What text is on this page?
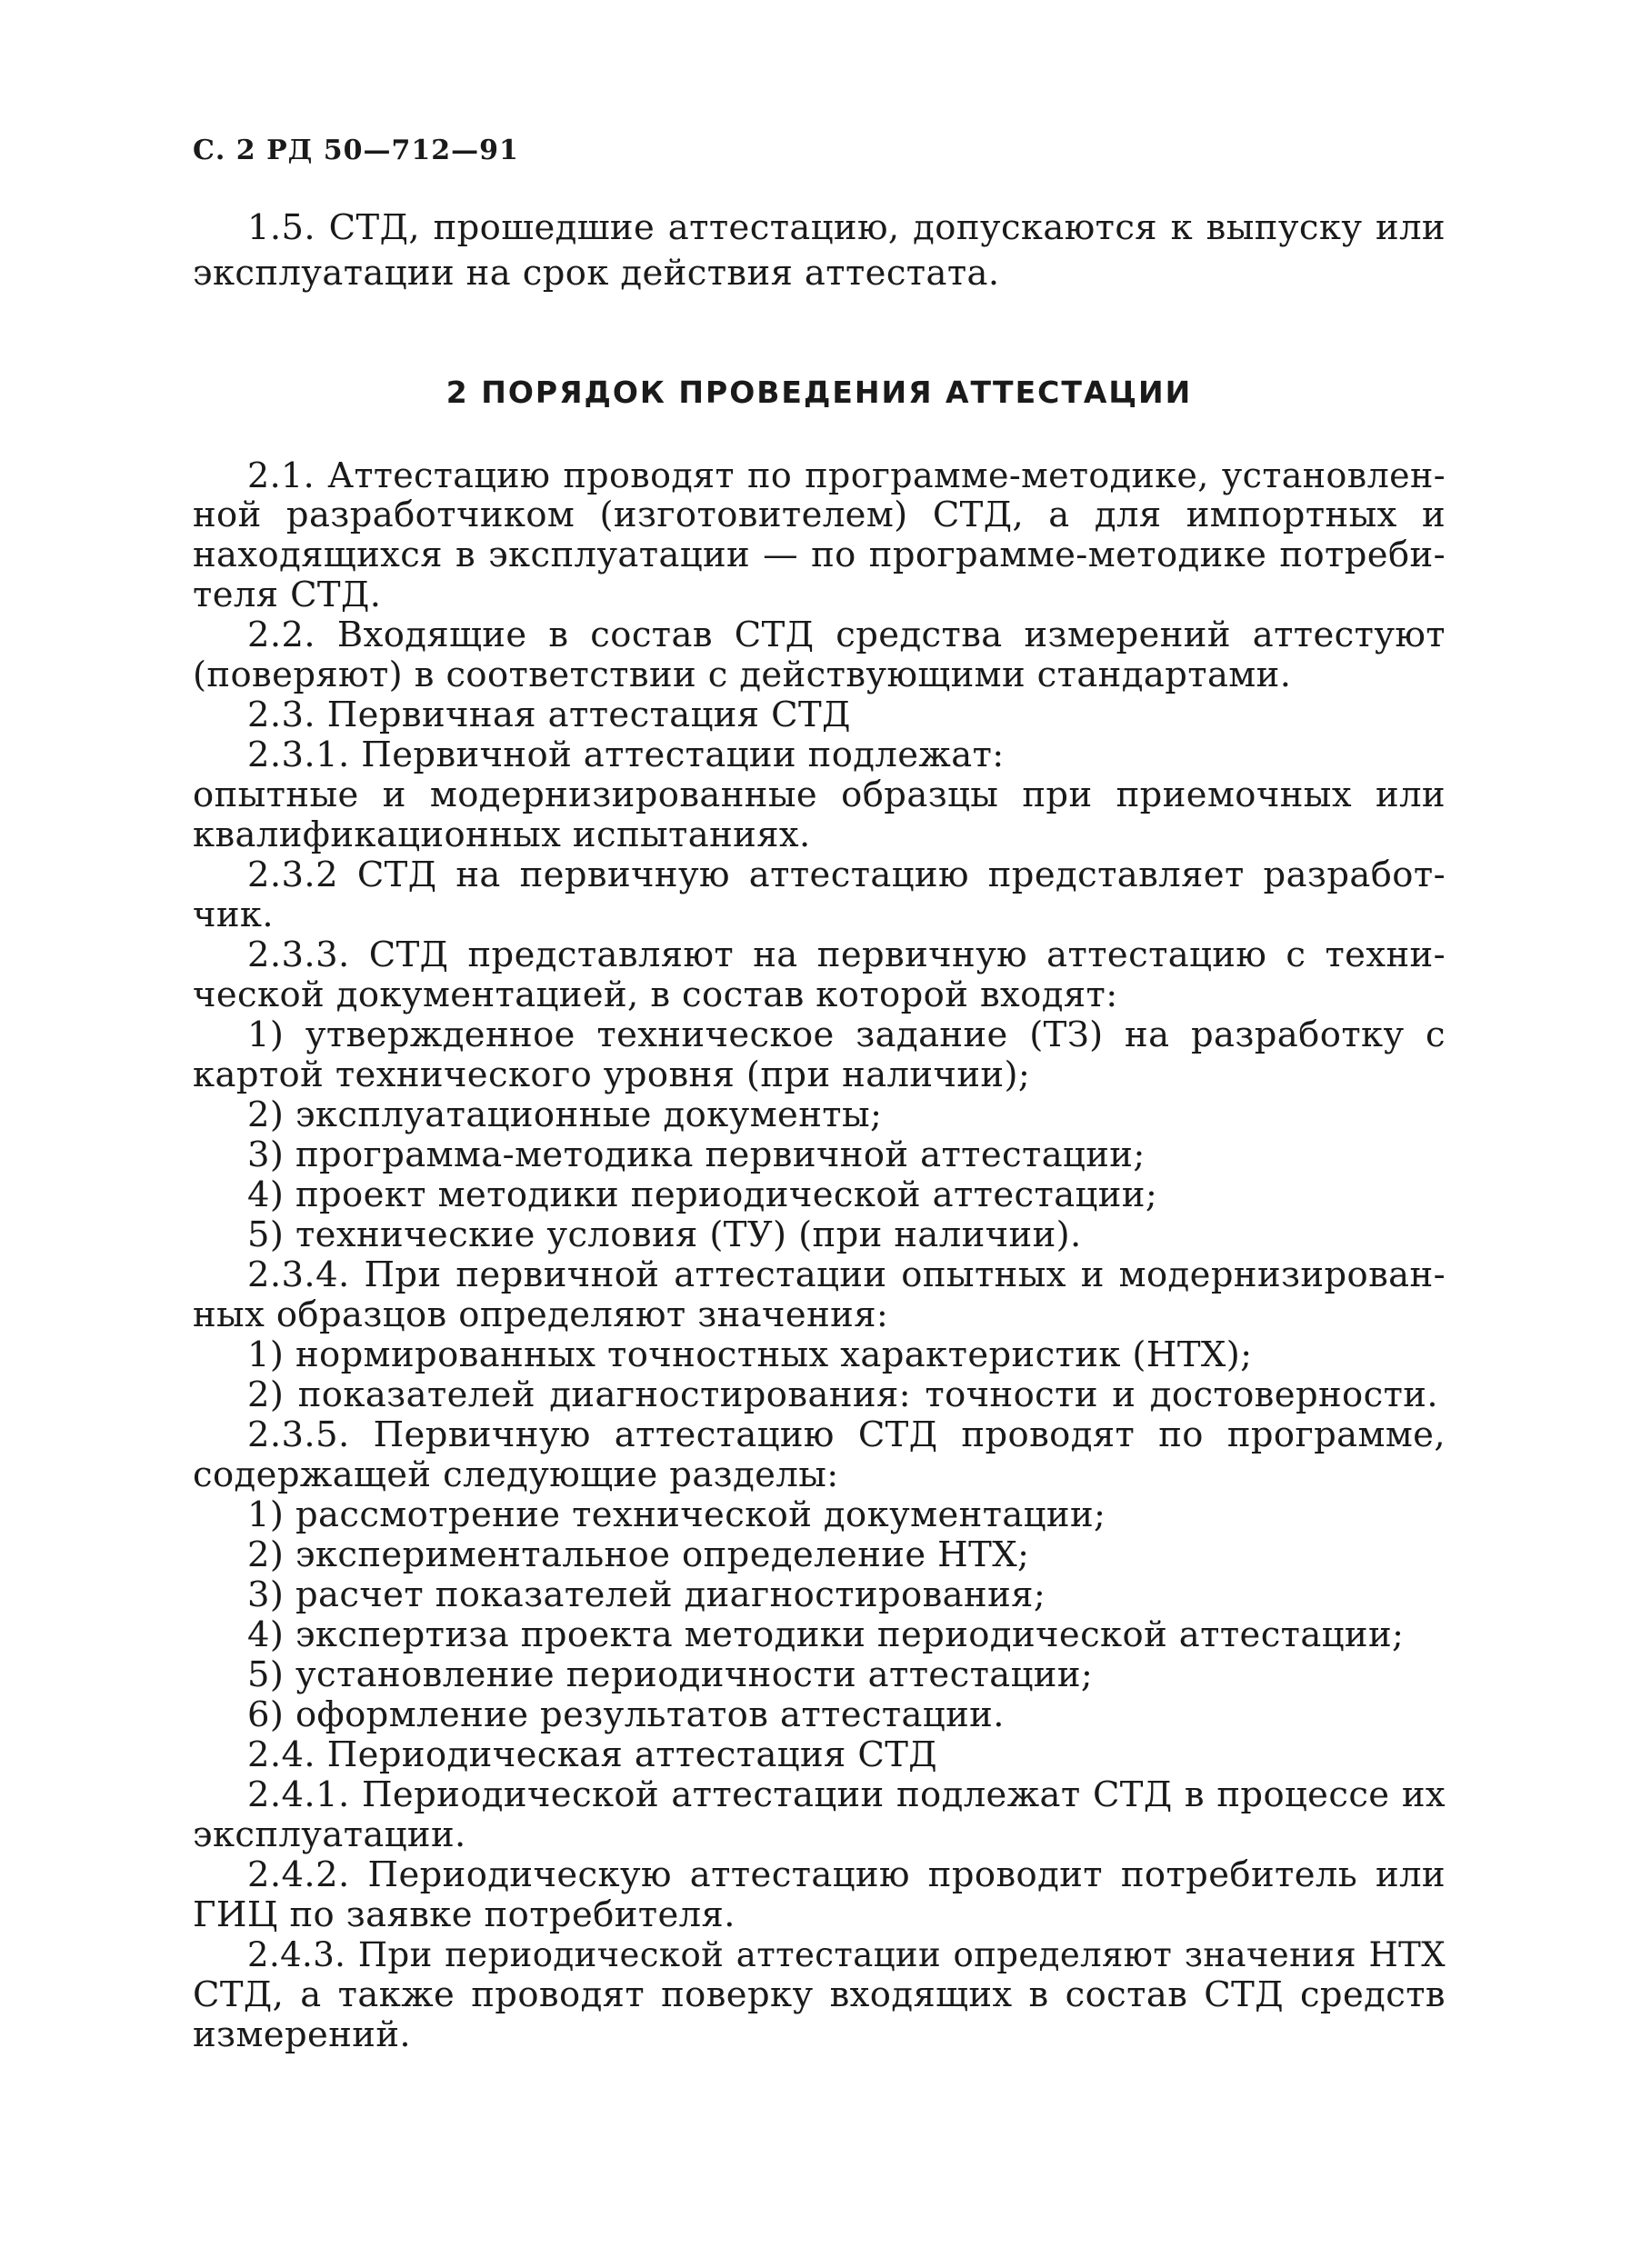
С. 2 РД 50—712—91
1.5. СТД, прошедшие аттестацию, допускаются к выпуску или
эксплуатации на срок действия аттестата.
2 ПОРЯДОК ПРОВЕДЕНИЯ АТТЕСТАЦИИ
2.1. Аттестацию проводят по программе-методике, установлен-
ной разработчиком (изготовителем) СТД, а для импортных и
находящихся в эксплуатации — по программе-методике потреби-
теля СТД.
2.2. Входящие в состав СТД средства измерений аттестуют
(поверяют) в соответствии с действующими стандартами.
2.3. Первичная аттестация СТД
2.3.1. Первичной аттестации подлежат:
опытные и модернизированные образцы при приемочных или
квалификационных испытаниях.
2.3.2 СТД на первичную аттестацию представляет разработ-
чик.
2.3.3. СТД представляют на первичную аттестацию с техни-
ческой документацией, в состав которой входят:
1) утвержденное техническое задание (ТЗ) на разработку с
картой технического уровня (при наличии);
2) эксплуатационные документы;
3) программа-методика первичной аттестации;
4) проект методики периодической аттестации;
5) технические условия (ТУ) (при наличии).
2.3.4. При первичной аттестации опытных и модернизирован-
ных образцов определяют значения:
1) нормированных точностных характеристик (НТХ);
2) показателей диагностирования: точности и достоверности.
2.3.5. Первичную аттестацию СТД проводят по программе,
содержащей следующие разделы:
1) рассмотрение технической документации;
2) экспериментальное определение НТХ;
3) расчет показателей диагностирования;
4) экспертиза проекта методики периодической аттестации;
5) установление периодичности аттестации;
6) оформление результатов аттестации.
2.4. Периодическая аттестация СТД
2.4.1. Периодической аттестации подлежат СТД в процессе их
эксплуатации.
2.4.2. Периодическую аттестацию проводит потребитель или
ГИЦ по заявке потребителя.
2.4.3. При периодической аттестации определяют значения НТХ
СТД, а также проводят поверку входящих в состав СТД средств
измерений.
